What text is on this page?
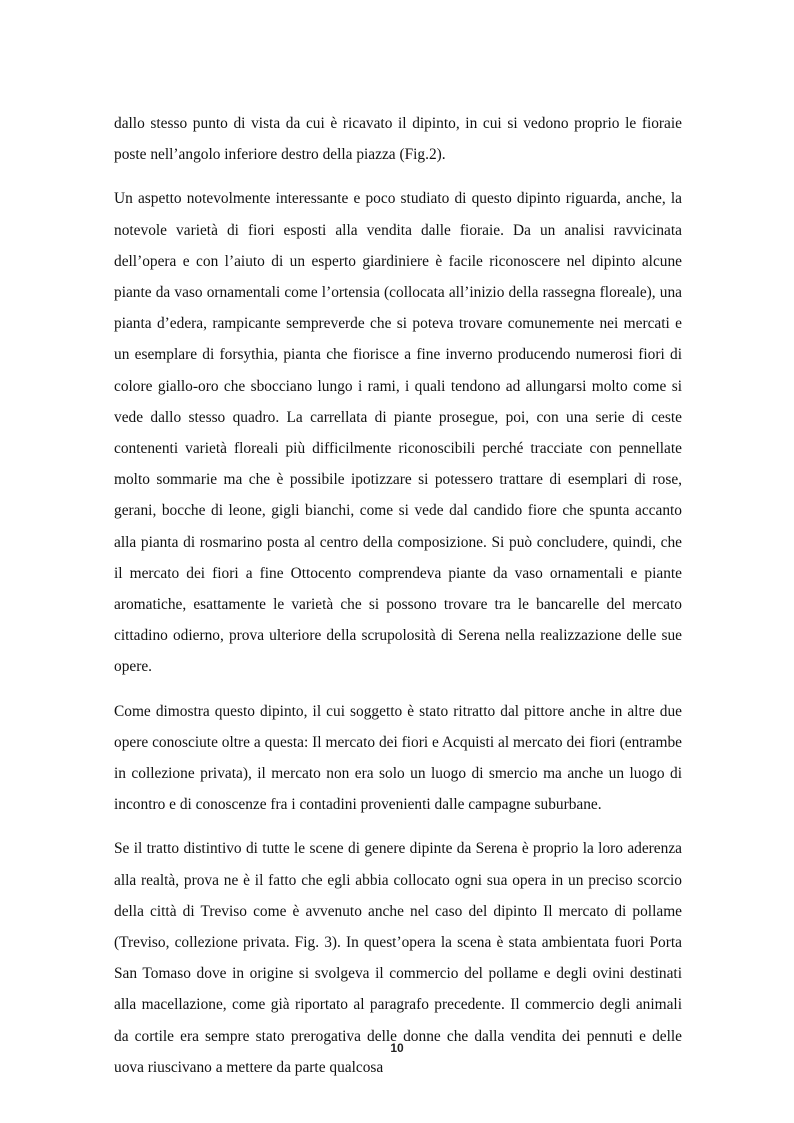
dallo stesso punto di vista da cui è ricavato il dipinto, in cui si vedono proprio le fioraie poste nell’angolo inferiore destro della piazza (Fig.2).

Un aspetto notevolmente interessante e poco studiato di questo dipinto riguarda, anche, la notevole varietà di fiori esposti alla vendita dalle fioraie. Da un analisi ravvicinata dell’opera e con l’aiuto di un esperto giardiniere è facile riconoscere nel dipinto alcune piante da vaso ornamentali come l’ortensia (collocata all’inizio della rassegna floreale), una pianta d’edera, rampicante sempreverde che si poteva trovare comunemente nei mercati e un esemplare di forsythia, pianta che fiorisce a fine inverno producendo numerosi fiori di colore giallo-oro che sbocciano lungo i rami, i quali tendono ad allungarsi molto come si vede dallo stesso quadro. La carrellata di piante prosegue, poi, con una serie di ceste contenenti varietà floreali più difficilmente riconoscibili perché tracciate con pennellate molto sommarie ma che è possibile ipotizzare si potessero trattare di esemplari di rose, gerani, bocche di leone, gigli bianchi, come si vede dal candido fiore che spunta accanto alla pianta di rosmarino posta al centro della composizione. Si può concludere, quindi, che il mercato dei fiori a fine Ottocento comprendeva piante da vaso ornamentali e piante aromatiche, esattamente le varietà che si possono trovare tra le bancarelle del mercato cittadino odierno, prova ulteriore della scrupolosità di Serena nella realizzazione delle sue opere.

Come dimostra questo dipinto, il cui soggetto è stato ritratto dal pittore anche in altre due opere conosciute oltre a questa: Il mercato dei fiori e Acquisti al mercato dei fiori (entrambe in collezione privata), il mercato non era solo un luogo di smercio ma anche un luogo di incontro e di conoscenze fra i contadini provenienti dalle campagne suburbane.

Se il tratto distintivo di tutte le scene di genere dipinte da Serena è proprio la loro aderenza alla realtà, prova ne è il fatto che egli abbia collocato ogni sua opera in un preciso scorcio della città di Treviso come è avvenuto anche nel caso del dipinto Il mercato di pollame (Treviso, collezione privata. Fig. 3). In quest’opera la scena è stata ambientata fuori Porta San Tomaso dove in origine si svolgeva il commercio del pollame e degli ovini destinati alla macellazione, come già riportato al paragrafo precedente. Il commercio degli animali da cortile era sempre stato prerogativa delle donne che dalla vendita dei pennuti e delle uova riuscivano a mettere da parte qualcosa

10
